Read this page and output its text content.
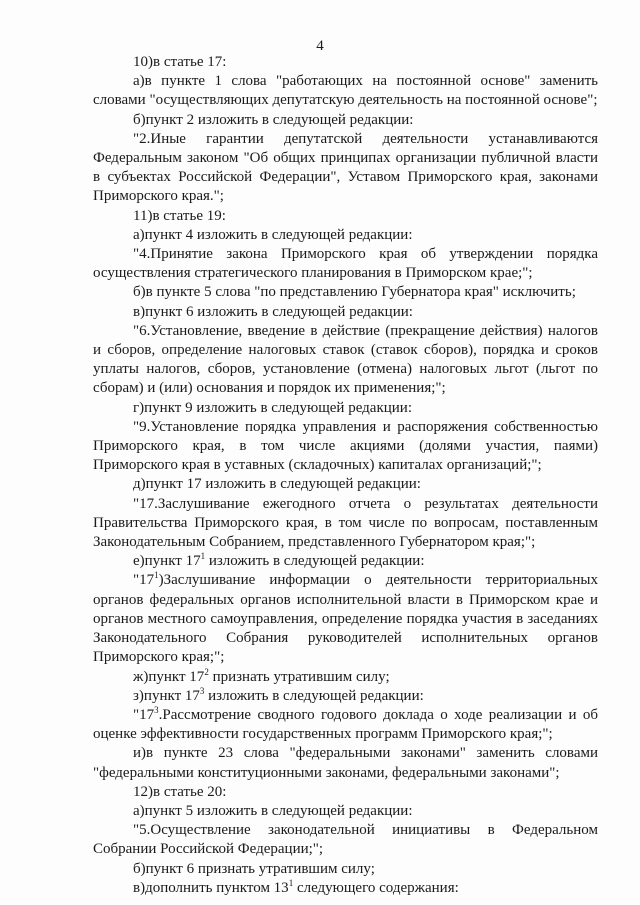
4

10)в статье 17:

а)в пункте 1 слова "работающих на постоянной основе" заменить словами "осуществляющих депутатскую деятельность на постоянной основе";

б)пункт 2 изложить в следующей редакции:

"2.Иные гарантии депутатской деятельности устанавливаются Федеральным законом "Об общих принципах организации публичной власти в субъектах Российской Федерации", Уставом Приморского края, законами Приморского края.";

11)в статье 19:

а)пункт 4 изложить в следующей редакции:

"4.Принятие закона Приморского края об утверждении порядка осуществления стратегического планирования в Приморском крае;";

б)в пункте 5 слова "по представлению Губернатора края" исключить;

в)пункт 6 изложить в следующей редакции:

"6.Установление, введение в действие (прекращение действия) налогов и сборов, определение налоговых ставок (ставок сборов), порядка и сроков уплаты налогов, сборов, установление (отмена) налоговых льгот (льгот по сборам) и (или) основания и порядок их применения;";

г)пункт 9 изложить в следующей редакции:

"9.Установление порядка управления и распоряжения собственностью Приморского края, в том числе акциями (долями участия, паями) Приморского края в уставных (складочных) капиталах организаций;";

д)пункт 17 изложить в следующей редакции:

"17.Заслушивание ежегодного отчета о результатах деятельности Правительства Приморского края, в том числе по вопросам, поставленным Законодательным Собранием, представленного Губернатором края;";

е)пункт $17^1$ изложить в следующей редакции:

"$17^1)Заслушивание$ информации о деятельности территориальных органов федеральных органов исполнительной власти в Приморском крае и органов местного самоуправления, определение порядка участия в заседаниях Законодательного Собрания руководителей исполнительных органов Приморского края;";

ж)пункт $17^2$ признать утратившим силу;

з)пункт $17^3$ изложить в следующей редакции:

"$17^3.Рассмотрение$ сводного годового доклада о ходе реализации и об оценке эффективности государственных программ Приморского края;";

и)в пункте 23 слова "федеральными законами" заменить словами "федеральными конституционными законами, федеральными законами";

12)в статье 20:

а)пункт 5 изложить в следующей редакции:

"5.Осуществление законодательной инициативы в Федеральном Собрании Российской Федерации;";

б)пункт 6 признать утратившим силу;

в)дополнить пунктом $13^1$ следующего содержания:
